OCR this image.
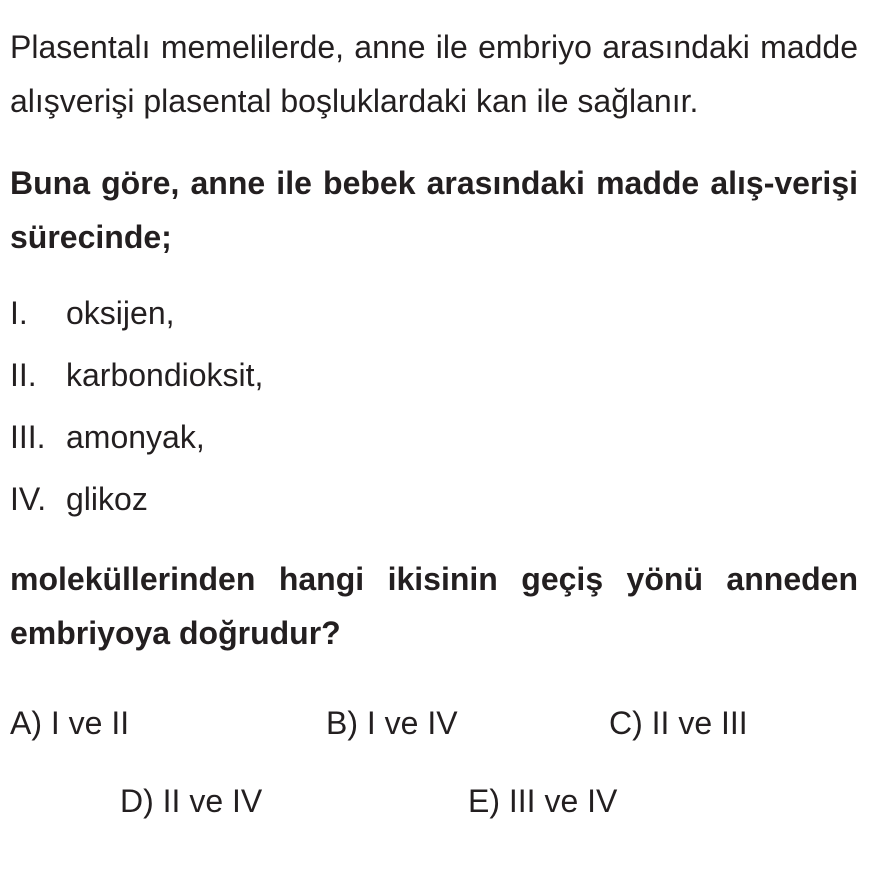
Plasentalı memelilerde, anne ile embriyo arasındaki madde alışverişi plasental boşluklardaki kan ile sağlanır.
Buna göre, anne ile bebek arasındaki madde alış-verişi sürecinde;
I.	oksijen,
II. karbondioksit,
III. amonyak,
IV. glikoz
moleküllerinden hangi ikisinin geçiş yönü anneden embriyoya doğrudur?
A) I ve II	B) I ve IV	C) II ve III
D) II ve IV	E) III ve IV
